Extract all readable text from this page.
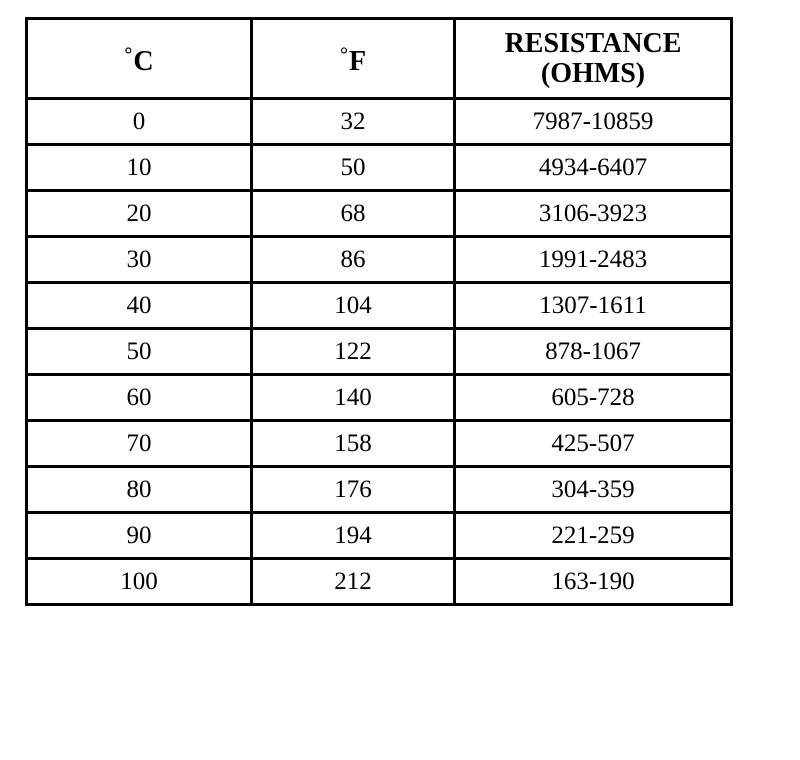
°C	°F	RESISTANCE
(OHMS)
0	32	7987-10859
10	50	4934-6407
20	68	3106-3923
30	86	1991-2483
40	104	1307-1611
50	122	878-1067
60	140	605-728
70	158	425-507
80	176	304-359
90	194	221-259
100	212	163-190
